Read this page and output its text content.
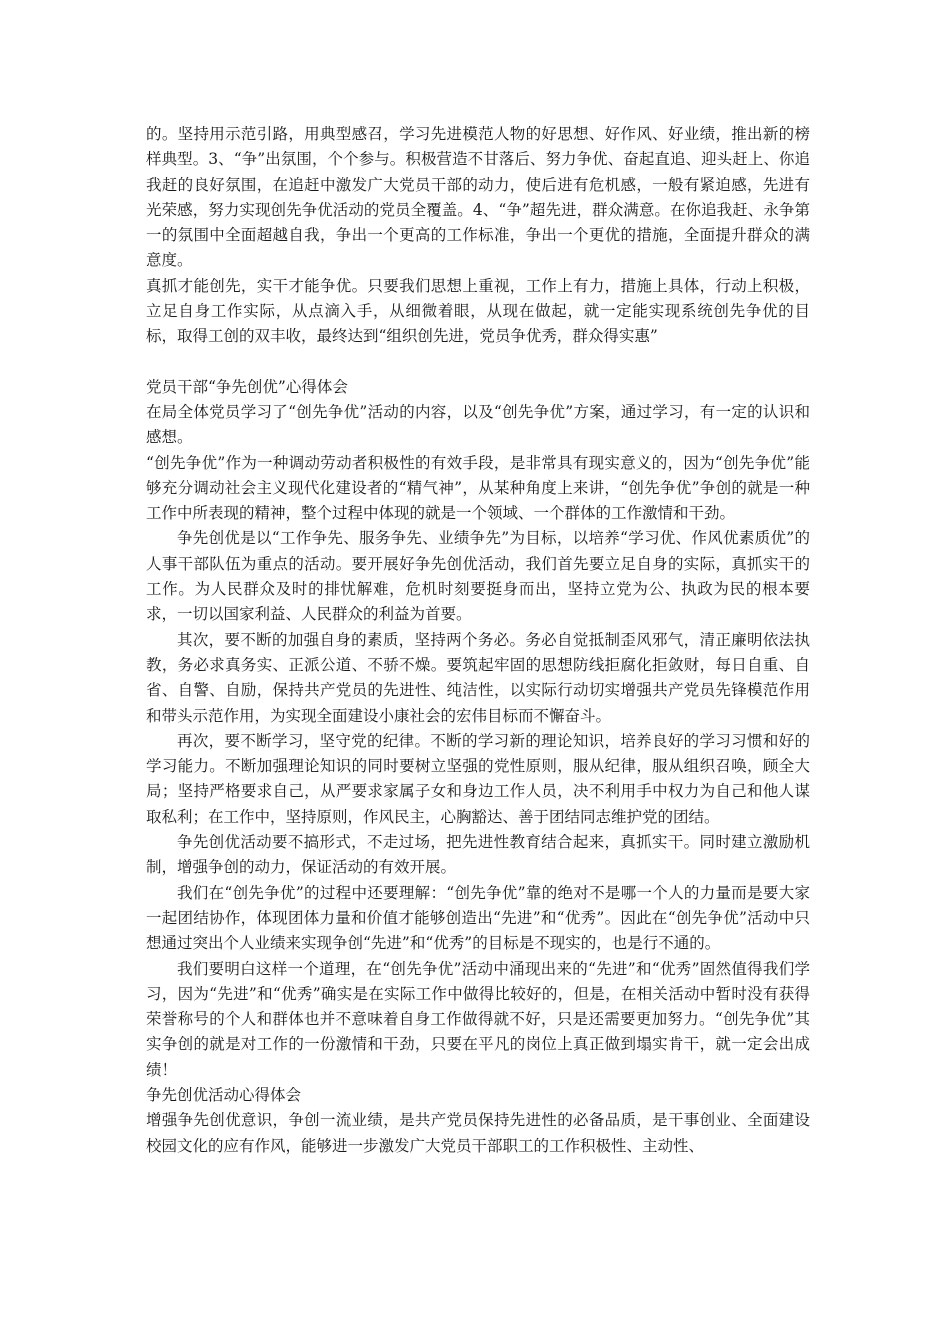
的。坚持用示范引路，用典型感召，学习先进模范人物的好思想、好作风、好业绩，推出新的榜样典型。3、“争”出氛围，个个参与。积极营造不甘落后、努力争优、奋起直追、迎头赶上、你追我赶的良好氛围，在追赶中激发广大党员干部的动力，使后进有危机感，一般有紧迫感，先进有光荣感，努力实现创先争优活动的党员全覆盖。4、“争”超先进，群众满意。在你追我赶、永争第一的氛围中全面超越自我，争出一个更高的工作标准，争出一个更优的措施，全面提升群众的满意度。

真抓才能创先，实干才能争优。只要我们思想上重视，工作上有力，措施上具体，行动上积极，立足自身工作实际，从点滴入手，从细微着眼，从现在做起，就一定能实现系统创先争优的目标，取得工创的双丰收，最终达到“组织创先进，党员争优秀，群众得实惠”

党员干部“争先创优”心得体会

在局全体党员学习了“创先争优”活动的内容，以及“创先争优”方案，通过学习，有一定的认识和感想。

“创先争优”作为一种调动劳动者积极性的有效手段，是非常具有现实意义的，因为“创先争优”能够充分调动社会主义现代化建设者的“精气神”，从某种角度上来讲，“创先争优”争创的就是一种工作中所表现的精神，整个过程中体现的就是一个领域、一个群体的工作激情和干劲。

争先创优是以“工作争先、服务争先、业绩争先”为目标，以培养“学习优、作风优素质优”的人事干部队伍为重点的活动。要开展好争先创优活动，我们首先要立足自身的实际，真抓实干的工作。为人民群众及时的排忧解难，危机时刻要挺身而出，坚持立党为公、执政为民的根本要求，一切以国家利益、人民群众的利益为首要。

其次，要不断的加强自身的素质，坚持两个务必。务必自觉抵制歪风邪气，清正廉明依法执教，务必求真务实、正派公道、不骄不燥。要筑起牢固的思想防线拒腐化拒敛财，每日自重、自省、自警、自励，保持共产党员的先进性、纯洁性，以实际行动切实增强共产党员先锋模范作用和带头示范作用，为实现全面建设小康社会的宏伟目标而不懈奋斗。

再次，要不断学习，坚守党的纪律。不断的学习新的理论知识，培养良好的学习习惯和好的学习能力。不断加强理论知识的同时要树立坚强的党性原则，服从纪律，服从组织召唤，顾全大局；坚持严格要求自己，从严要求家属子女和身边工作人员，决不利用手中权力为自己和他人谋取私利；在工作中，坚持原则，作风民主，心胸豁达、善于团结同志维护党的团结。

争先创优活动要不搞形式，不走过场，把先进性教育结合起来，真抓实干。同时建立激励机制，增强争创的动力，保证活动的有效开展。

我们在“创先争优”的过程中还要理解：“创先争优”靠的绝对不是哪一个人的力量而是要大家一起团结协作，体现团体力量和价值才能够创造出“先进”和“优秀”。因此在“创先争优”活动中只想通过突出个人业绩来实现争创“先进”和“优秀”的目标是不现实的，也是行不通的。

我们要明白这样一个道理，在“创先争优”活动中涌现出来的“先进”和“优秀”固然值得我们学习，因为“先进”和“优秀”确实是在实际工作中做得比较好的，但是，在相关活动中暂时没有获得荣誉称号的个人和群体也并不意味着自身工作做得就不好，只是还需要更加努力。“创先争优”其实争创的就是对工作的一份激情和干劲，只要在平凡的岗位上真正做到塌实肯干，就一定会出成绩！

争先创优活动心得体会

增强争先创优意识，争创一流业绩，是共产党员保持先进性的必备品质，是干事创业、全面建设校园文化的应有作风，能够进一步激发广大党员干部职工的工作积极性、主动性、
